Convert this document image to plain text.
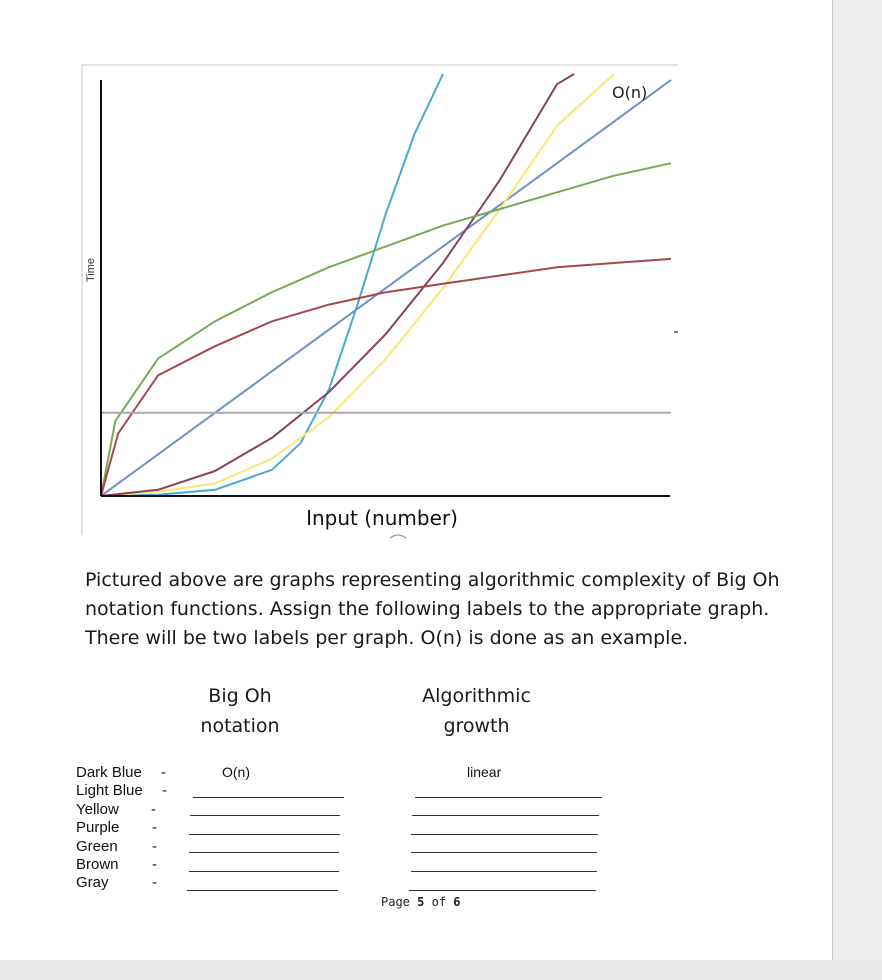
Time
Input (number)
O(n)

Pictured above are graphs representing algorithmic complexity of Big Oh notation functions. Assign the following labels to the appropriate graph. There will be two labels per graph. O(n) is done as an example.

Big Oh
notation
Algorithmic
growth
Dark Blue -
Light Blue -
Yellow -
Purple -
Green -
Brown -
Gray	-
O(n)	linear
Page 5 of 6
